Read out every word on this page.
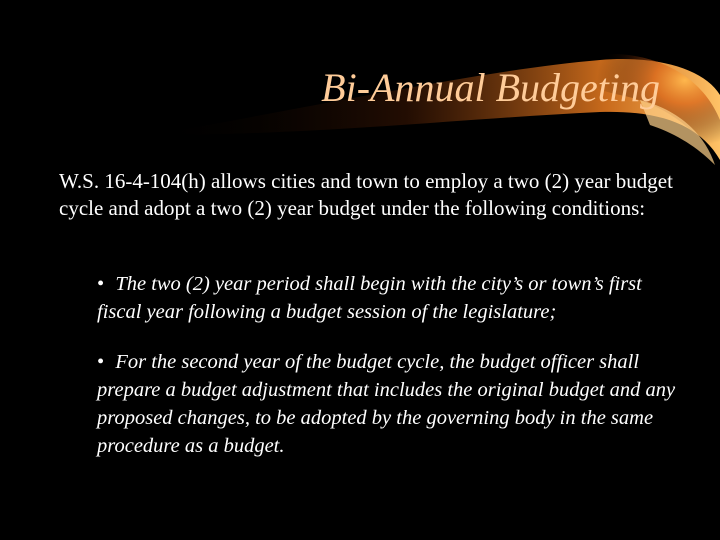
Bi-Annual Budgeting

W.S. 16-4-104(h) allows cities and town to employ a two (2) year budget cycle and adopt a two (2) year budget under the following conditions:

• The two (2) year period shall begin with the city’s or town’s first fiscal year following a budget session of the legislature;
• For the second year of the budget cycle, the budget officer shall prepare a budget adjustment that includes the original budget and any proposed changes, to be adopted by the governing body in the same procedure as a budget.
